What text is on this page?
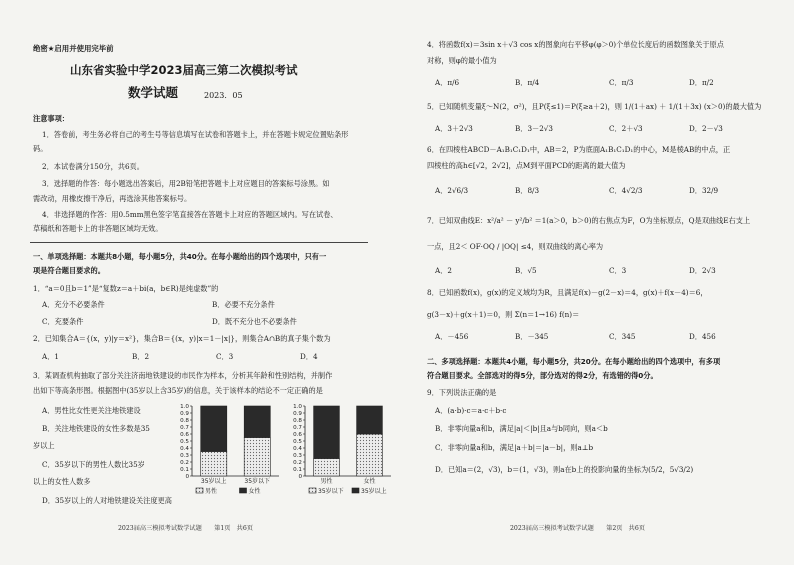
绝密★启用并使用完毕前
山东省实验中学2023届高三第二次模拟考试
数学试题	2023．05
注意事项：
1．答卷前，考生务必将自己的考生号等信息填写在试卷和答题卡上，并在答题卡规定位置贴条形
码。
2．本试卷满分150分，共6页。
3．选择题的作答：每小题选出答案后，用2B铅笔把答题卡上对应题目的答案标号涂黑。如
需改动，用橡皮擦干净后，再选涂其他答案标号。
4．非选择题的作答：用0.5mm黑色签字笔直接答在答题卡上对应的答题区域内。写在试卷、
草稿纸和答题卡上的非答题区域均无效。
一、单项选择题：本题共8小题，每小题5分，共40分。在每小题给出的四个选项中，只有一
项是符合题目要求的。
1．“a＝0且b＝1”是“复数z＝a＋bi(a，b∈R)是纯虚数”的
A．充分不必要条件	B．必要不充分条件
C．充要条件	D．既不充分也不必要条件
2．已知集合A＝{(x，y)|y＝x²}，集合B＝{(x，y)|x＝1－|x|}，则集合A∩B的真子集个数为
A．1	B．2	C．3	D．4
3．某调查机构抽取了部分关注济南地铁建设的市民作为样本，分析其年龄和性别结构，并制作
出如下等高条形图。根据图中(35岁以上含35岁)的信息，关于该样本的结论不一定正确的是
A．男性比女性更关注地铁建设
B．关注地铁建设的女性多数是35
岁以上
C．35岁以下的男性人数比35岁
以上的女性人数多
D．35岁以上的人对地铁建设关注度更高
1.0
0.9
0.8
0.7
0.6
0.5
0.4
0.3
0.2
0.1
0
35岁以上	35岁以下
男性	女性
1.0
0.9
0.8
0.7
0.6
0.5
0.4
0.3
0.2
0.1
0
男性	女性
35岁以下	35岁以上
2023届高三模拟考试数学试题　　第1页　共6页
4．将函数f(x)＝3sin x＋√3 cos x的图象向右平移φ(φ＞0)个单位长度后的函数图象关于原点
对称，则φ的最小值为
A．π/6	B．π/4	C．π/3	D．π/2
5．已知随机变量ξ～N(2，σ²)，且P(ξ≤1)＝P(ξ≥a＋2)，则 1/(1＋ax) ＋ 1/(1＋3x) (x＞0)的最大值为
A．3＋2√3	B．3－2√3	C．2＋√3	D．2－√3
6．在四棱柱ABCD－A₁B₁C₁D₁中，AB＝2，P为底面A₁B₁C₁D₁的中心，M是棱AB的中点，正
四棱柱的高h∈[√2，2√2]，点M到平面PCD的距离的最大值为
A．2√6/3	B．8/3	C．4√2/3	D．32/9
7．已知双曲线E：x²/a² － y²/b² ＝1(a＞0，b＞0)的右焦点为F，O为坐标原点，Q是双曲线E右支上
一点，且2＜ OF·OQ / |OQ| ≤4，则双曲线的离心率为
A．2	B．√5	C．3	D．2√3
8．已知函数f(x)，g(x)的定义域均为R，且满足f(x)－g(2－x)＝4，g(x)＋f(x－4)＝6，
g(3－x)＋g(x＋1)＝0，则 Σ(n＝1→16) f(n)＝
A．－456	B．－345	C．345	D．456
二、多项选择题：本题共4小题，每小题5分，共20分。在每小题给出的四个选项中，有多项
符合题目要求。全部选对的得5分，部分选对的得2分，有选错的得0分。
9．下列说法正确的是
A．(a·b)·c＝a·c＋b·c
B．非零向量a和b，满足|a|＜|b|且a与b同向，则a＜b
C．非零向量a和b，满足|a＋b|＝|a－b|，则a⊥b
D．已知a＝(2，√3)，b＝(1，√3)，则a在b上的投影向量的坐标为(5/2，5√3/2)
2023届高三模拟考试数学试题　　第2页　共6页
